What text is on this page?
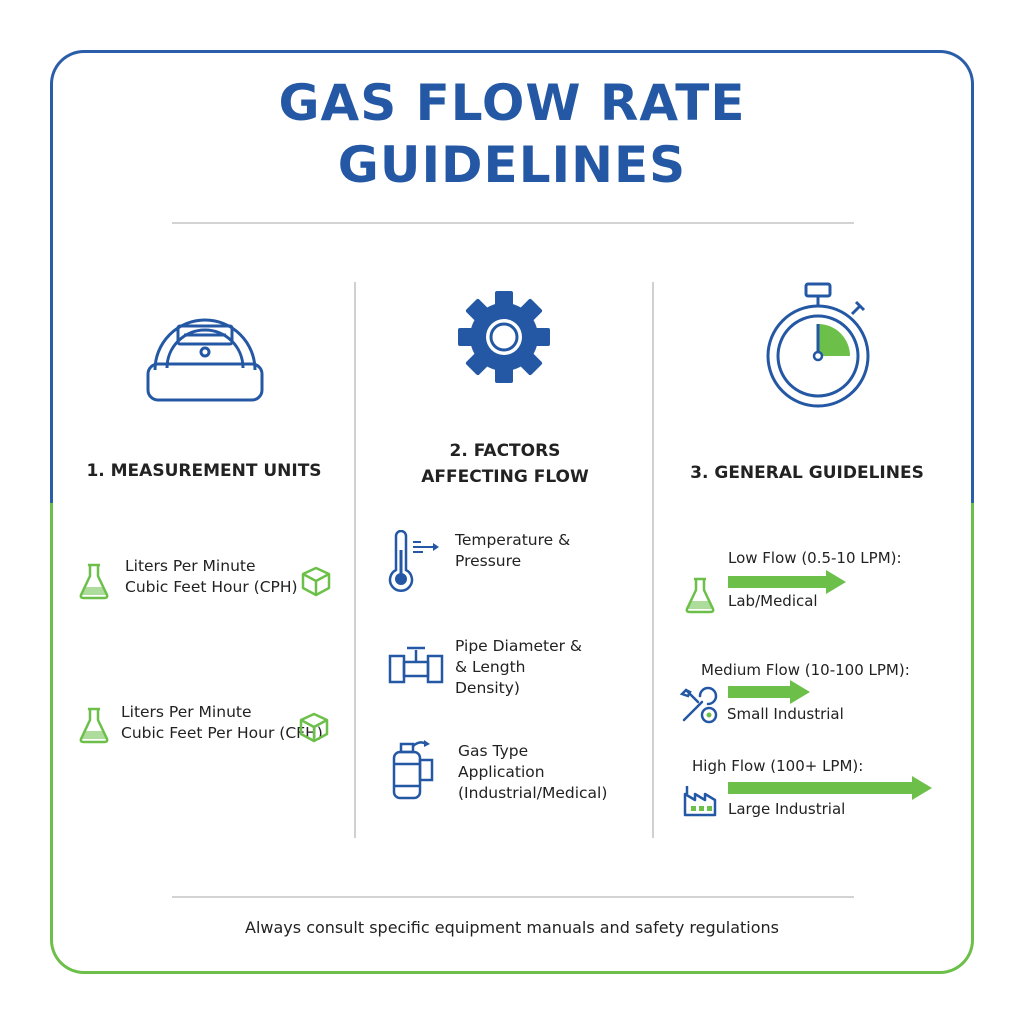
GAS FLOW RATE
GUIDELINES
1. MEASUREMENT UNITS
Liters Per Minute
Cubic Feet Hour (CPH)
Liters Per Minute
Cubic Feet Per Hour (CFH)
2. FACTORS
AFFECTING FLOW
Temperature &
Pressure
Pipe Diameter &
& Length
Density)
Gas Type
Application
(Industrial/Medical)
3. GENERAL GUIDELINES
Low Flow (0.5-10 LPM):
Lab/Medical
Medium Flow (10-100 LPM):
Small Industrial
High Flow (100+ LPM):
Large Industrial
Always consult specific equipment manuals and safety regulations
